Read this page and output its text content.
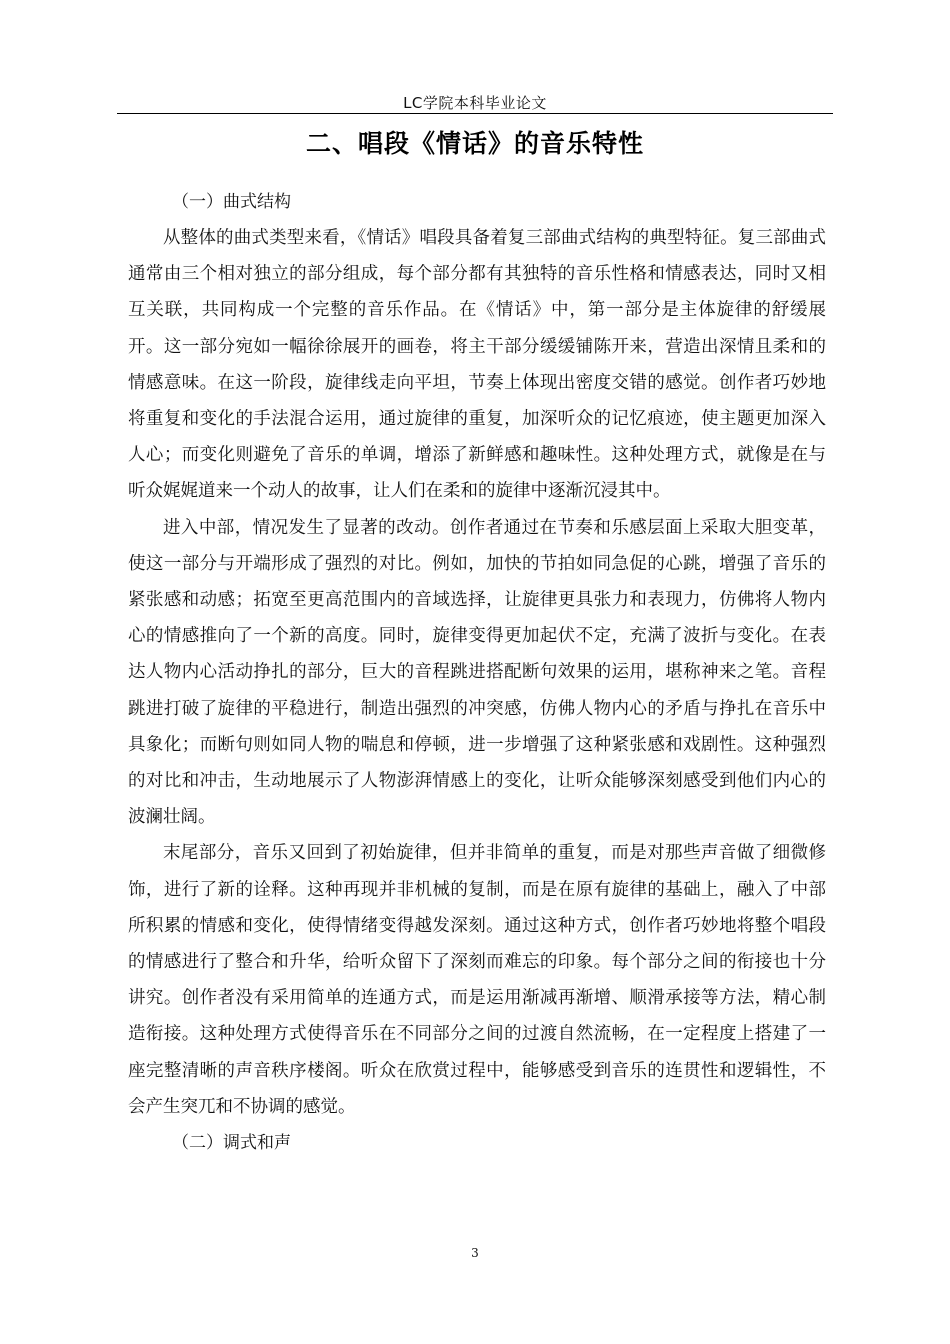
LC学院本科毕业论文
二、唱段《情话》的音乐特性

（一）曲式结构

从整体的曲式类型来看，《情话》唱段具备着复三部曲式结构的典型特征。复三部曲式通常由三个相对独立的部分组成，每个部分都有其独特的音乐性格和情感表达，同时又相互关联，共同构成一个完整的音乐作品。在《情话》中，第一部分是主体旋律的舒缓展开。这一部分宛如一幅徐徐展开的画卷，将主干部分缓缓铺陈开来，营造出深情且柔和的情感意味。在这一阶段，旋律线走向平坦，节奏上体现出密度交错的感觉。创作者巧妙地将重复和变化的手法混合运用，通过旋律的重复，加深听众的记忆痕迹，使主题更加深入人心；而变化则避免了音乐的单调，增添了新鲜感和趣味性。这种处理方式，就像是在与听众娓娓道来一个动人的故事，让人们在柔和的旋律中逐渐沉浸其中。

进入中部，情况发生了显著的改动。创作者通过在节奏和乐感层面上采取大胆变革，使这一部分与开端形成了强烈的对比。例如，加快的节拍如同急促的心跳，增强了音乐的紧张感和动感；拓宽至更高范围内的音域选择，让旋律更具张力和表现力，仿佛将人物内心的情感推向了一个新的高度。同时，旋律变得更加起伏不定，充满了波折与变化。在表达人物内心活动挣扎的部分，巨大的音程跳进搭配断句效果的运用，堪称神来之笔。音程跳进打破了旋律的平稳进行，制造出强烈的冲突感，仿佛人物内心的矛盾与挣扎在音乐中具象化；而断句则如同人物的喘息和停顿，进一步增强了这种紧张感和戏剧性。这种强烈的对比和冲击，生动地展示了人物澎湃情感上的变化，让听众能够深刻感受到他们内心的波澜壮阔。

末尾部分，音乐又回到了初始旋律，但并非简单的重复，而是对那些声音做了细微修饰，进行了新的诠释。这种再现并非机械的复制，而是在原有旋律的基础上，融入了中部所积累的情感和变化，使得情绪变得越发深刻。通过这种方式，创作者巧妙地将整个唱段的情感进行了整合和升华，给听众留下了深刻而难忘的印象。每个部分之间的衔接也十分讲究。创作者没有采用简单的连通方式，而是运用渐减再渐增、顺滑承接等方法，精心制造衔接。这种处理方式使得音乐在不同部分之间的过渡自然流畅，在一定程度上搭建了一座完整清晰的声音秩序楼阁。听众在欣赏过程中，能够感受到音乐的连贯性和逻辑性，不会产生突兀和不协调的感觉。

（二）调式和声

3
